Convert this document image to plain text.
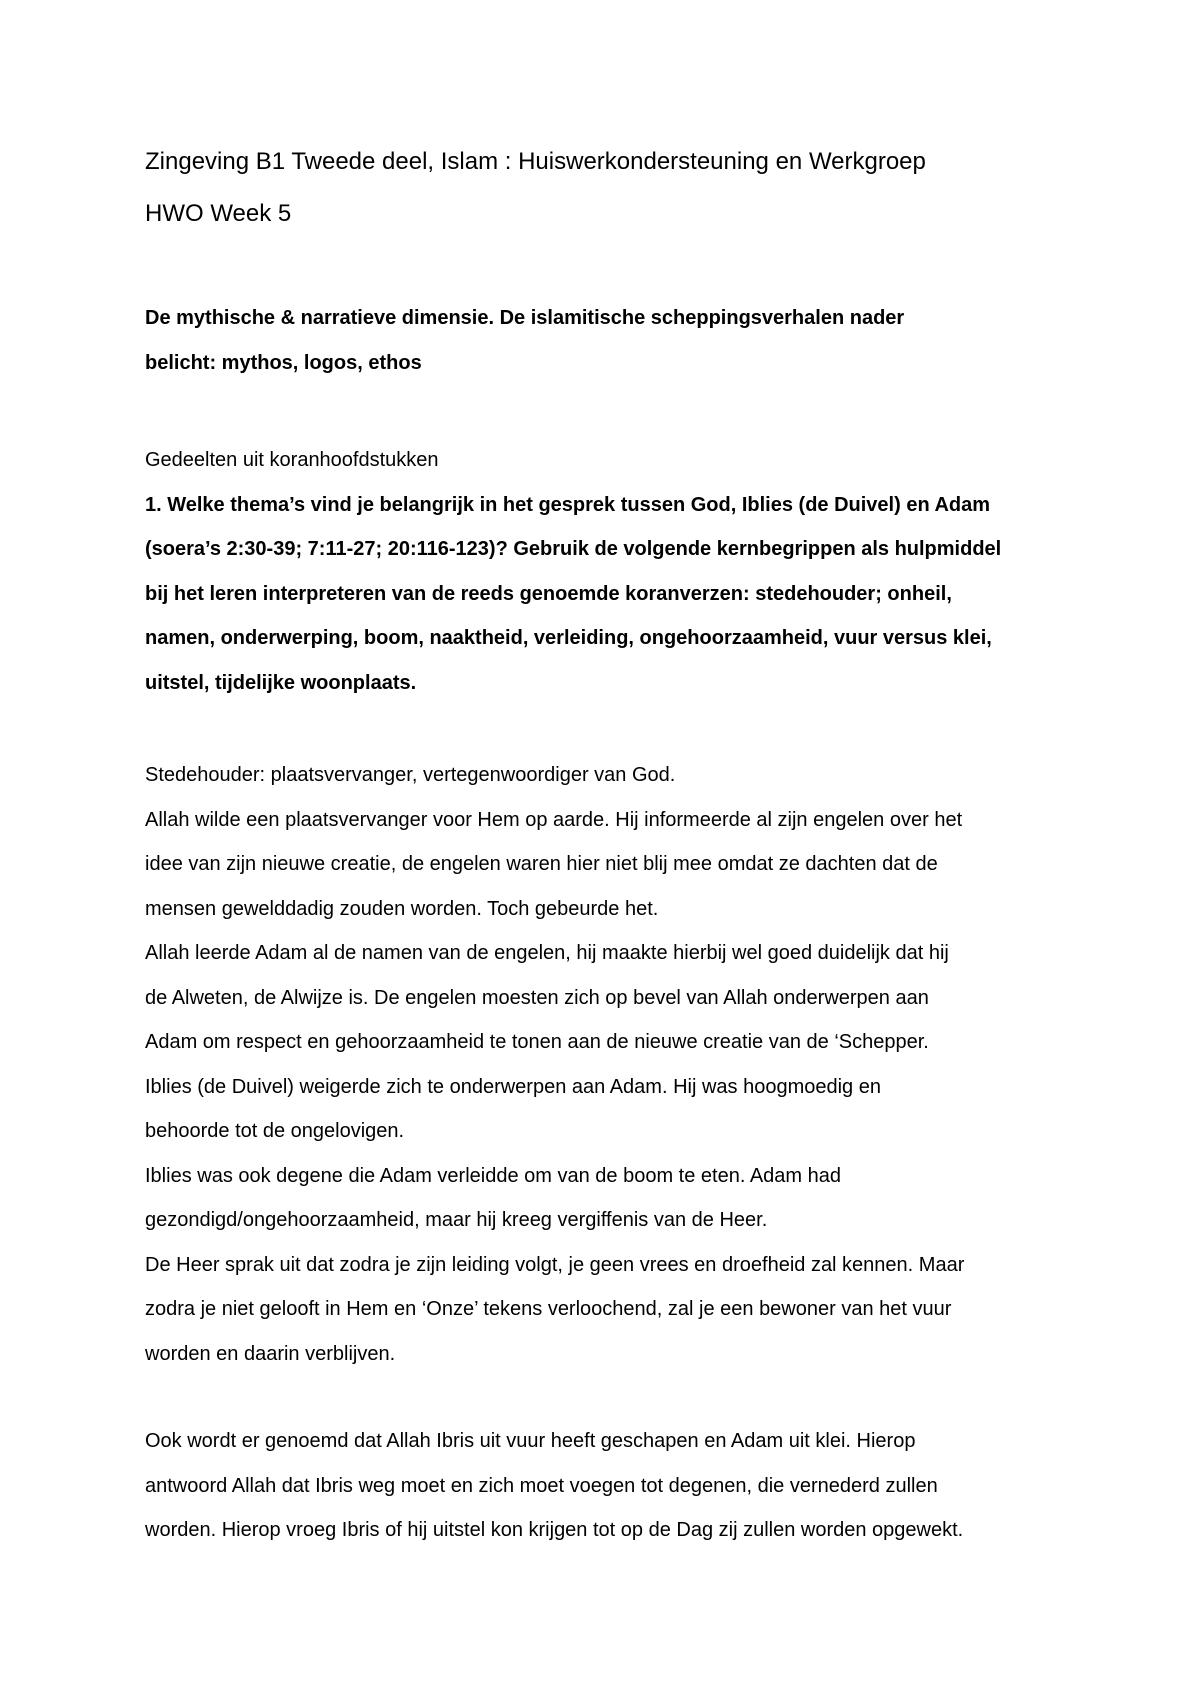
Zingeving B1 Tweede deel, Islam : Huiswerkondersteuning en Werkgroep

HWO Week 5

De mythische & narratieve dimensie. De islamitische scheppingsverhalen nader

belicht: mythos, logos, ethos

Gedeelten uit koranhoofdstukken

1. Welke thema’s vind je belangrijk in het gesprek tussen God, Iblies (de Duivel) en Adam

(soera’s 2:30-39; 7:11-27; 20:116-123)? Gebruik de volgende kernbegrippen als hulpmiddel

bij het leren interpreteren van de reeds genoemde koranverzen: stedehouder; onheil,

namen, onderwerping, boom, naaktheid, verleiding, ongehoorzaamheid, vuur versus klei,

uitstel, tijdelijke woonplaats.

Stedehouder: plaatsvervanger, vertegenwoordiger van God.

Allah wilde een plaatsvervanger voor Hem op aarde. Hij informeerde al zijn engelen over het

idee van zijn nieuwe creatie, de engelen waren hier niet blij mee omdat ze dachten dat de

mensen gewelddadig zouden worden. Toch gebeurde het.

Allah leerde Adam al de namen van de engelen, hij maakte hierbij wel goed duidelijk dat hij

de Alweten, de Alwijze is. De engelen moesten zich op bevel van Allah onderwerpen aan

Adam om respect en gehoorzaamheid te tonen aan de nieuwe creatie van de ‘Schepper.

Iblies (de Duivel) weigerde zich te onderwerpen aan Adam. Hij was hoogmoedig en

behoorde tot de ongelovigen.

Iblies was ook degene die Adam verleidde om van de boom te eten. Adam had

gezondigd/ongehoorzaamheid, maar hij kreeg vergiffenis van de Heer.

De Heer sprak uit dat zodra je zijn leiding volgt, je geen vrees en droefheid zal kennen. Maar

zodra je niet gelooft in Hem en ‘Onze’ tekens verloochend, zal je een bewoner van het vuur

worden en daarin verblijven.

Ook wordt er genoemd dat Allah Ibris uit vuur heeft geschapen en Adam uit klei. Hierop

antwoord Allah dat Ibris weg moet en zich moet voegen tot degenen, die vernederd zullen

worden. Hierop vroeg Ibris of hij uitstel kon krijgen tot op de Dag zij zullen worden opgewekt.
